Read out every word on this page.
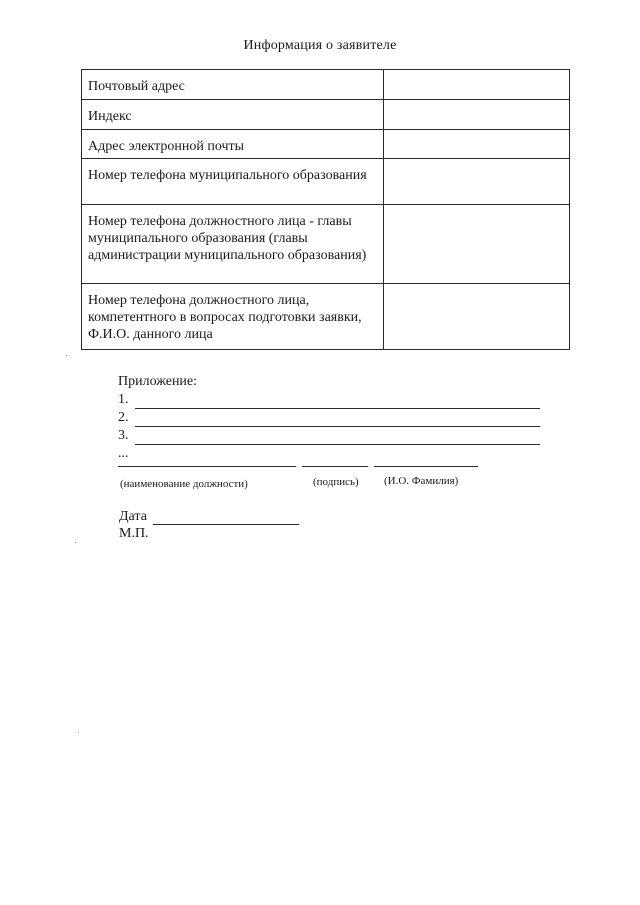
Информация о заявителе
Почтовый адрес	
Индекс	
Адрес электронной почты	
Номер телефона муниципального образования	
Номер телефона должностного лица - главы муниципального образования (главы администрации муниципального образования)	
Номер телефона должностного лица, компетентного в вопросах подготовки заявки, Ф.И.О. данного лица	
Приложение:
1.
2.
3.
...
(наименование должности)	(подпись) (И.О. Фамилия)
Дата
М.П.
